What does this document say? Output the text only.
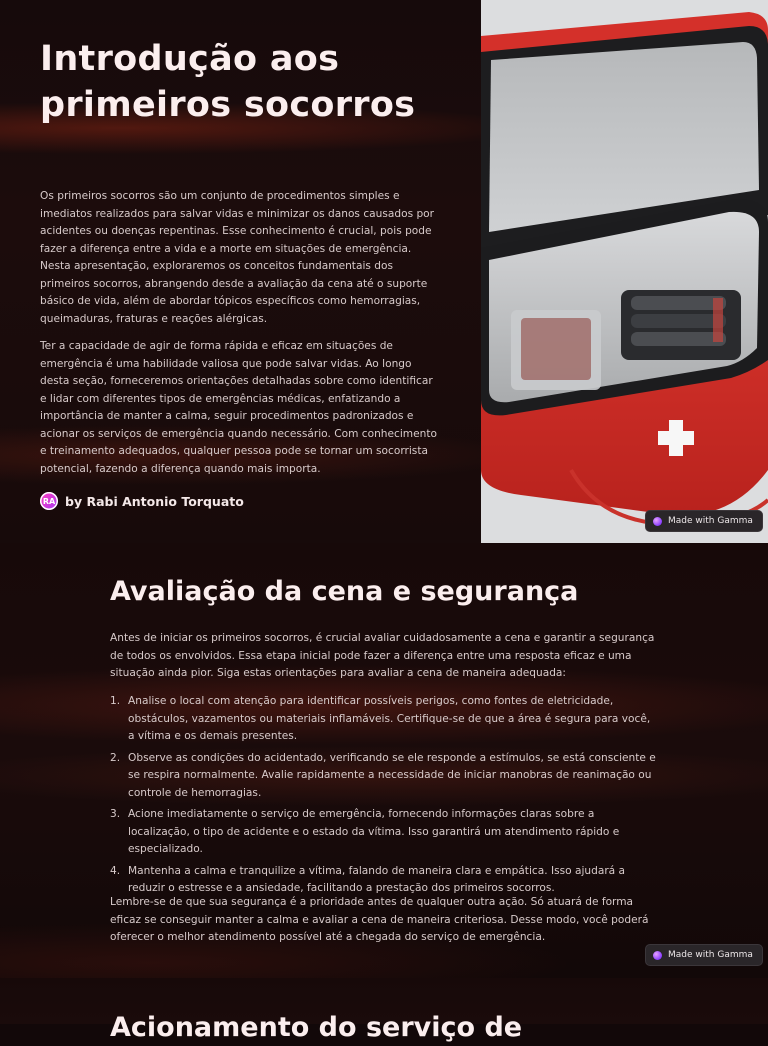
Introdução aos primeiros socorros

Os primeiros socorros são um conjunto de procedimentos simples e imediatos realizados para salvar vidas e minimizar os danos causados por acidentes ou doenças repentinas. Esse conhecimento é crucial, pois pode fazer a diferença entre a vida e a morte em situações de emergência. Nesta apresentação, exploraremos os conceitos fundamentais dos primeiros socorros, abrangendo desde a avaliação da cena até o suporte básico de vida, além de abordar tópicos específicos como hemorragias, queimaduras, fraturas e reações alérgicas.

Ter a capacidade de agir de forma rápida e eficaz em situações de emergência é uma habilidade valiosa que pode salvar vidas. Ao longo desta seção, forneceremos orientações detalhadas sobre como identificar e lidar com diferentes tipos de emergências médicas, enfatizando a importância de manter a calma, seguir procedimentos padronizados e acionar os serviços de emergência quando necessário. Com conhecimento e treinamento adequados, qualquer pessoa pode se tornar um socorrista potencial, fazendo a diferença quando mais importa.

RA by Rabi Antonio Torquato
Made with Gamma
Avaliação da cena e segurança

Antes de iniciar os primeiros socorros, é crucial avaliar cuidadosamente a cena e garantir a segurança de todos os envolvidos. Essa etapa inicial pode fazer a diferença entre uma resposta eficaz e uma situação ainda pior. Siga estas orientações para avaliar a cena de maneira adequada:

1. Analise o local com atenção para identificar possíveis perigos, como fontes de eletricidade, obstáculos, vazamentos ou materiais inflamáveis. Certifique-se de que a área é segura para você, a vítima e os demais presentes.
2. Observe as condições do acidentado, verificando se ele responde a estímulos, se está consciente e se respira normalmente. Avalie rapidamente a necessidade de iniciar manobras de reanimação ou controle de hemorragias.
3. Acione imediatamente o serviço de emergência, fornecendo informações claras sobre a localização, o tipo de acidente e o estado da vítima. Isso garantirá um atendimento rápido e especializado.
4. Mantenha a calma e tranquilize a vítima, falando de maneira clara e empática. Isso ajudará a reduzir o estresse e a ansiedade, facilitando a prestação dos primeiros socorros.

Lembre-se de que sua segurança é a prioridade antes de qualquer outra ação. Só atuará de forma eficaz se conseguir manter a calma e avaliar a cena de maneira criteriosa. Desse modo, você poderá oferecer o melhor atendimento possível até a chegada do serviço de emergência.

Made with Gamma
Acionamento do serviço de
